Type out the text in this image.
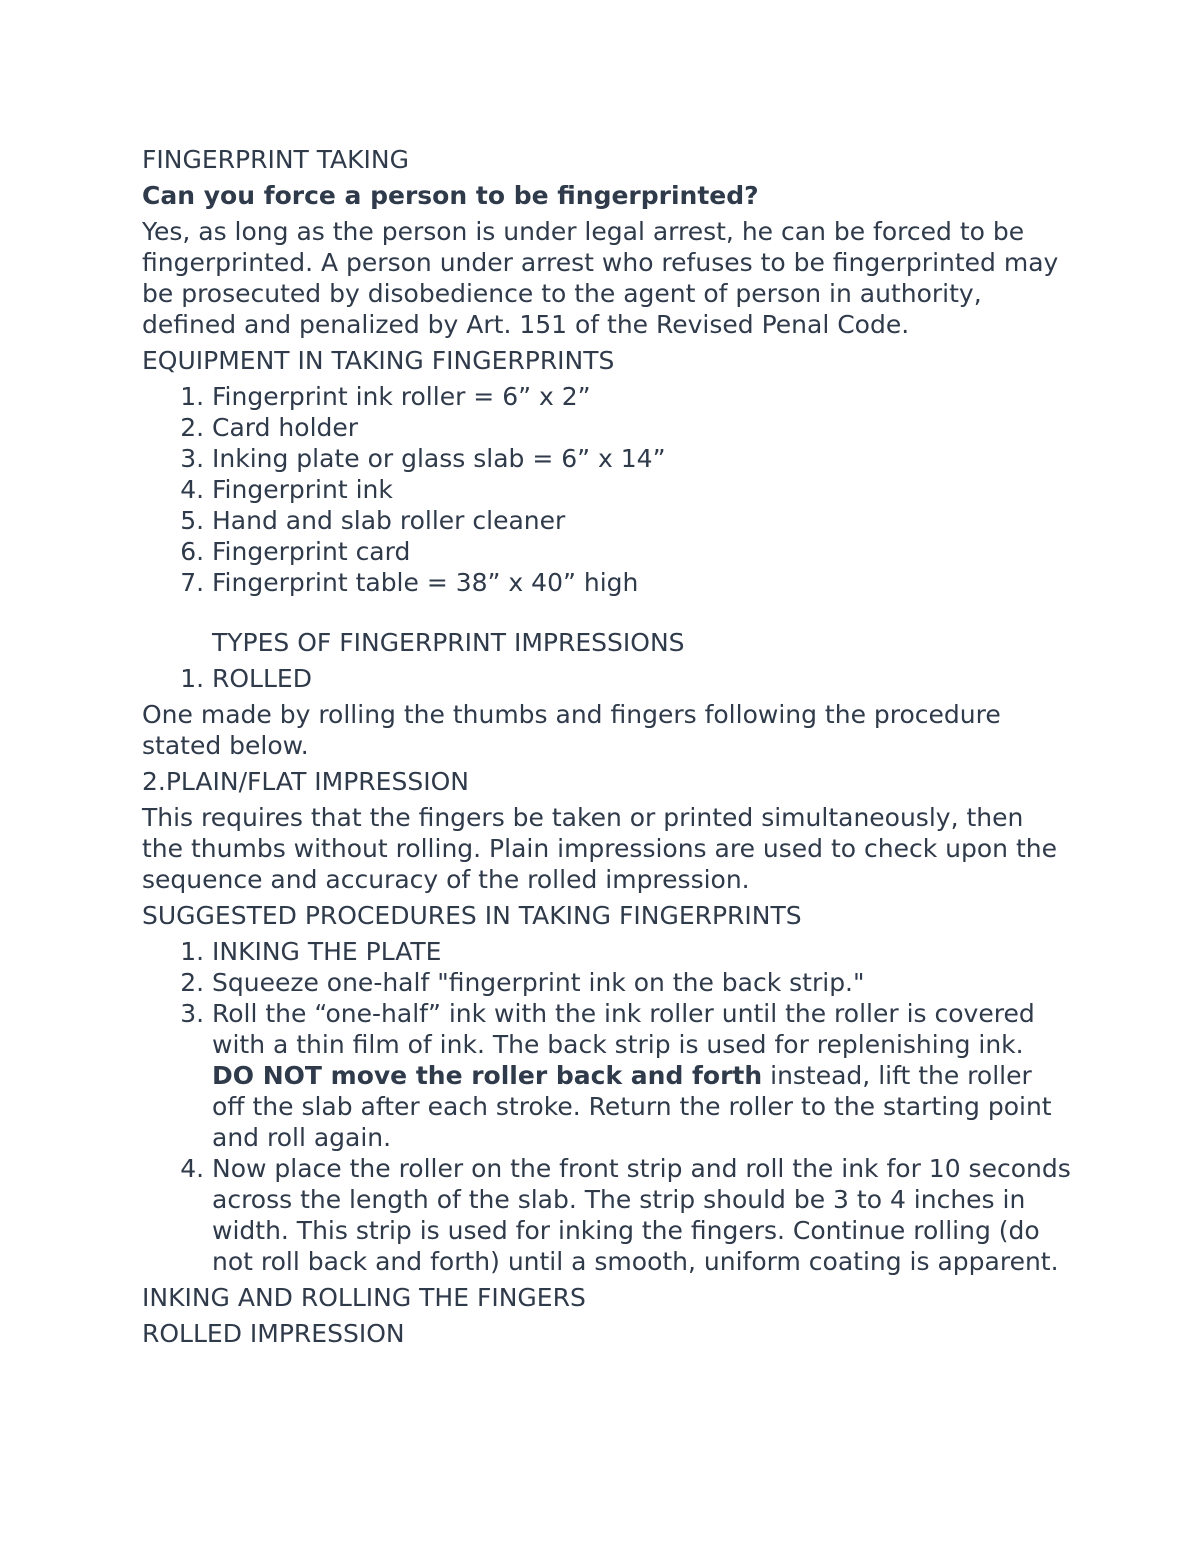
FINGERPRINT TAKING
Can you force a person to be fingerprinted?
Yes, as long as the person is under legal arrest, he can be forced to be fingerprinted. A person under arrest who refuses to be fingerprinted may be prosecuted by disobedience to the agent of person in authority, defined and penalized by Art. 151 of the Revised Penal Code.
EQUIPMENT IN TAKING FINGERPRINTS
1. Fingerprint ink roller = 6” x 2”
2. Card holder
3. Inking plate or glass slab = 6” x 14”
4. Fingerprint ink
5. Hand and slab roller cleaner
6. Fingerprint card
7. Fingerprint table = 38” x 40” high
TYPES OF FINGERPRINT IMPRESSIONS
1. ROLLED
One made by rolling the thumbs and fingers following the procedure stated below.
2.PLAIN/FLAT IMPRESSION
This requires that the fingers be taken or printed simultaneously, then the thumbs without rolling. Plain impressions are used to check upon the sequence and accuracy of the rolled impression.
SUGGESTED PROCEDURES IN TAKING FINGERPRINTS
1. INKING THE PLATE
2. Squeeze one-half "fingerprint ink on the back strip."
3. Roll the “one-half” ink with the ink roller until the roller is covered with a thin film of ink. The back strip is used for replenishing ink. DO NOT move the roller back and forth instead, lift the roller off the slab after each stroke. Return the roller to the starting point and roll again.
4. Now place the roller on the front strip and roll the ink for 10 seconds across the length of the slab. The strip should be 3 to 4 inches in width. This strip is used for inking the fingers. Continue rolling (do not roll back and forth) until a smooth, uniform coating is apparent.
INKING AND ROLLING THE FINGERS
ROLLED IMPRESSION
